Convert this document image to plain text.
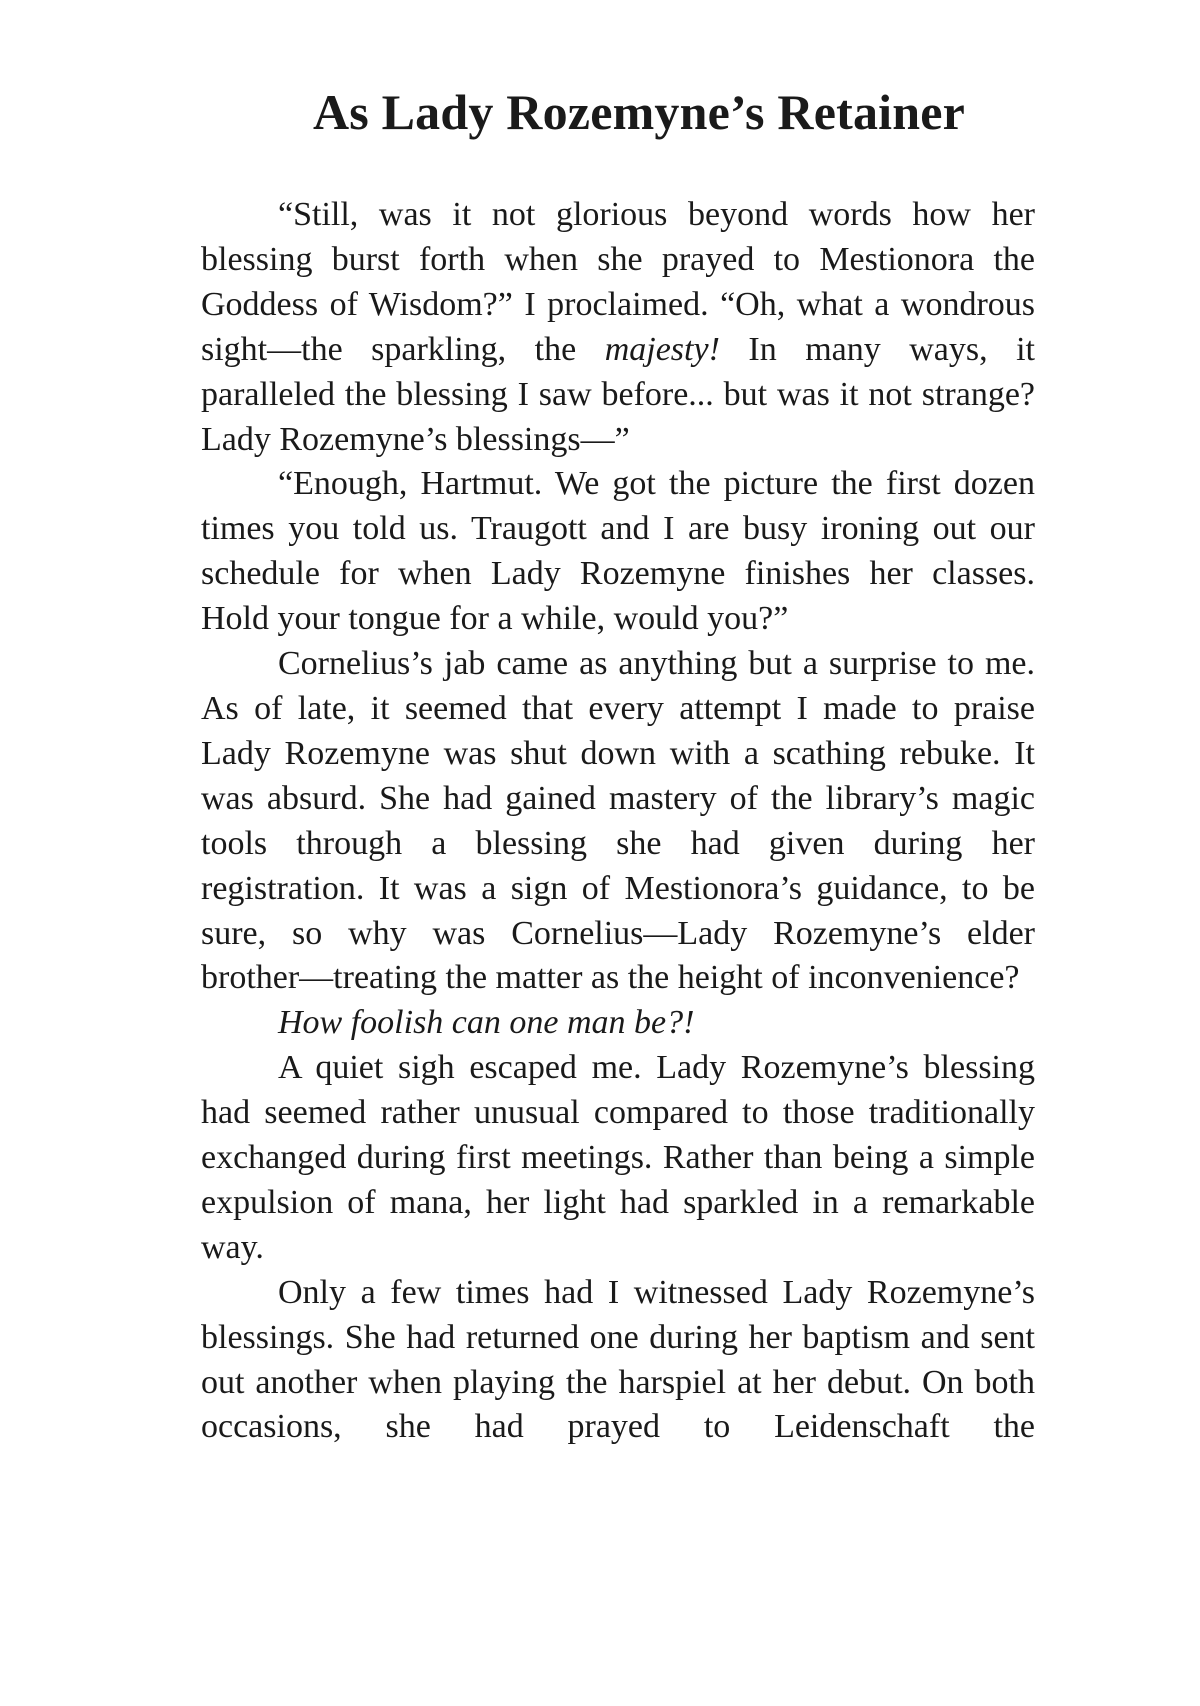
As Lady Rozemyne’s Retainer

“Still, was it not glorious beyond words how her blessing burst forth when she prayed to Mestionora the Goddess of Wisdom?” I proclaimed. “Oh, what a wondrous sight—the sparkling, the majesty! In many ways, it paralleled the blessing I saw before... but was it not strange? Lady Rozemyne’s blessings—”

“Enough, Hartmut. We got the picture the first dozen times you told us. Traugott and I are busy ironing out our schedule for when Lady Rozemyne finishes her classes. Hold your tongue for a while, would you?”

Cornelius’s jab came as anything but a surprise to me. As of late, it seemed that every attempt I made to praise Lady Rozemyne was shut down with a scathing rebuke. It was absurd. She had gained mastery of the library’s magic tools through a blessing she had given during her registration. It was a sign of Mestionora’s guidance, to be sure, so why was Cornelius—Lady Rozemyne’s elder brother—treating the matter as the height of inconvenience?

How foolish can one man be?!

A quiet sigh escaped me. Lady Rozemyne’s blessing had seemed rather unusual compared to those traditionally exchanged during first meetings. Rather than being a simple expulsion of mana, her light had sparkled in a remarkable way.

Only a few times had I witnessed Lady Rozemyne’s blessings. She had returned one during her baptism and sent out another when playing the harspiel at her debut. On both occasions, she had prayed to Leidenschaft the
